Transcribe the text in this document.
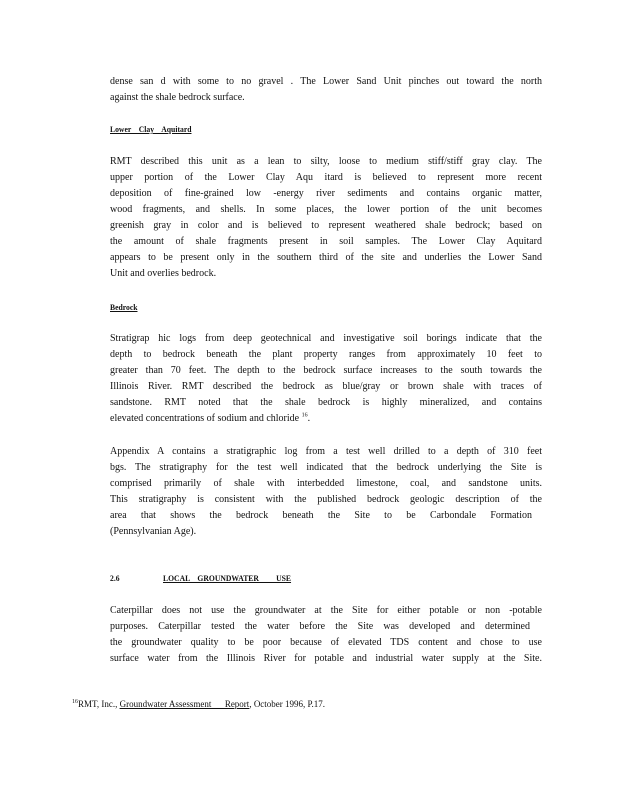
dense san d with some to no gravel . The Lower Sand Unit pinches out toward the north
against the shale bedrock surface.
Lower    Clay    Aquitard
RMT described this unit as a lean to silty, loose to medium stiff/stiff gray clay. The
upper portion of the Lower Clay Aqu itard is believed to represent more recent
deposition of fine-grained low -energy river sediments and contains organic matter,
wood fragments, and shells. In some places, the lower portion of the unit becomes
greenish gray in color and is believed to represent weathered shale bedrock; based on
the amount of shale fragments present in soil samples. The Lower Clay Aquitard
appears to be present only in the southern third of the site and underlies the Lower Sand
Unit and overlies bedrock.
Bedrock
Stratigrap hic logs from deep geotechnical and investigative soil borings indicate that the
depth to bedrock beneath the plant property ranges from approximately 10 feet to
greater than 70 feet. The depth to the bedrock surface increases to the south towards the
Illinois River. RMT described the bedrock as blue/gray or brown shale with traces of
sandstone. RMT noted that the shale bedrock is highly mineralized, and contains
elevated concentrations of sodium and chloride $^{16}$.
Appendix A contains a stratigraphic log from a test well drilled to a depth of 310 feet
bgs. The stratigraphy for the test well indicated that the bedrock underlying the Site is
comprised primarily of shale with interbedded limestone, coal, and sandstone units.
This stratigraphy is consistent with the published bedrock geologic description of the
area that shows the bedrock beneath the Site to be Carbondale Formation
(Pennsylvanian Age).
2.6	LOCAL    GROUNDWATER         USE
Caterpillar does not use the groundwater at the Site for either potable or non -potable
purposes. Caterpillar tested the water before the Site was developed and determined
the groundwater quality to be poor because of elevated TDS content and chose to use
surface water from the Illinois River for potable and industrial water supply at the Site.
$^{16}$RMT, Inc., Groundwater Assessment      Report, October 1996, P.17.
